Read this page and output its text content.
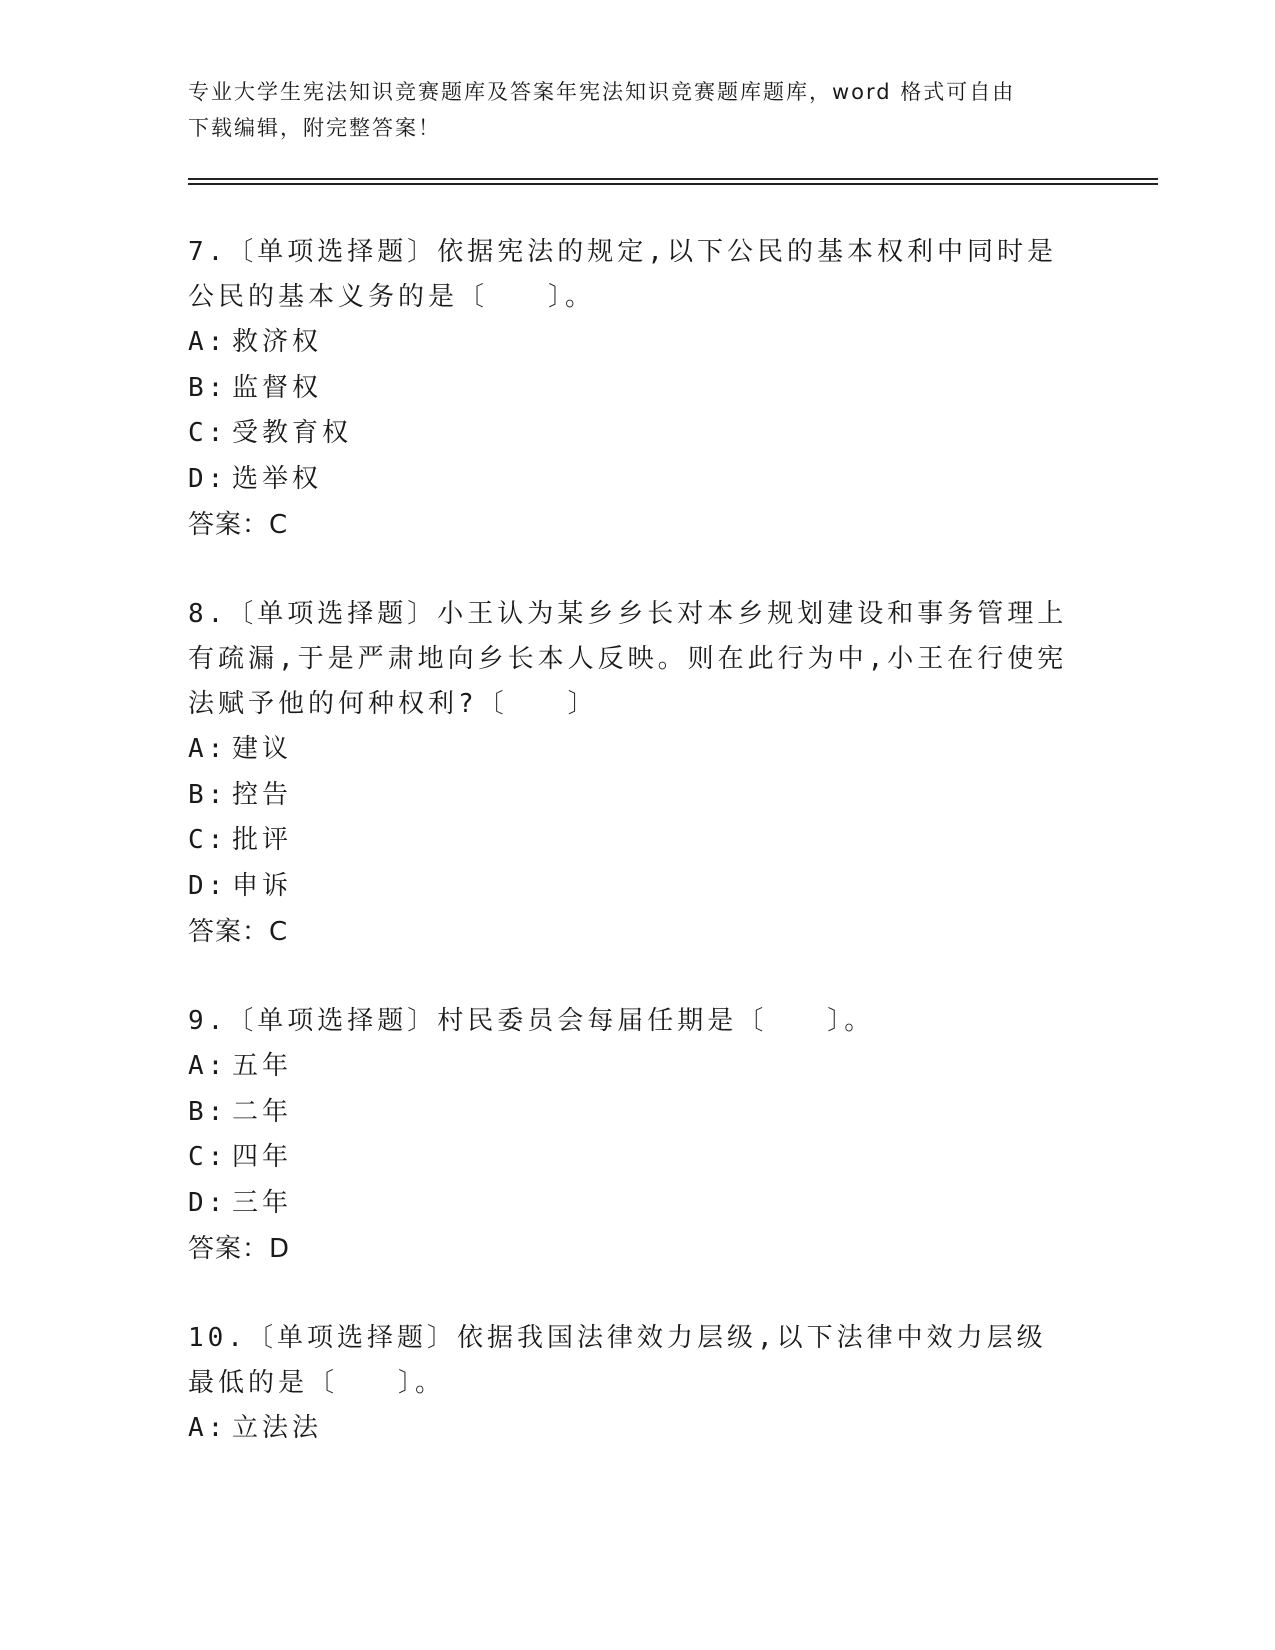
专业大学生宪法知识竞赛题库及答案年宪法知识竞赛题库题库，word 格式可自由
下载编辑，附完整答案！
7.〔单项选择题〕依据宪法的规定,以下公民的基本权利中同时是公民的基本义务的是〔　　〕。
A: 救济权
B: 监督权
C: 受教育权
D: 选举权
答案：C
8.〔单项选择题〕小王认为某乡乡长对本乡规划建设和事务管理上有疏漏,于是严肃地向乡长本人反映。则在此行为中,小王在行使宪法赋予他的何种权利?〔　　〕
A: 建议
B: 控告
C: 批评
D: 申诉
答案：C
9.〔单项选择题〕村民委员会每届任期是〔　　〕。
A: 五年
B: 二年
C: 四年
D: 三年
答案：D
10.〔单项选择题〕依据我国法律效力层级,以下法律中效力层级最低的是〔　　〕。
A: 立法法
